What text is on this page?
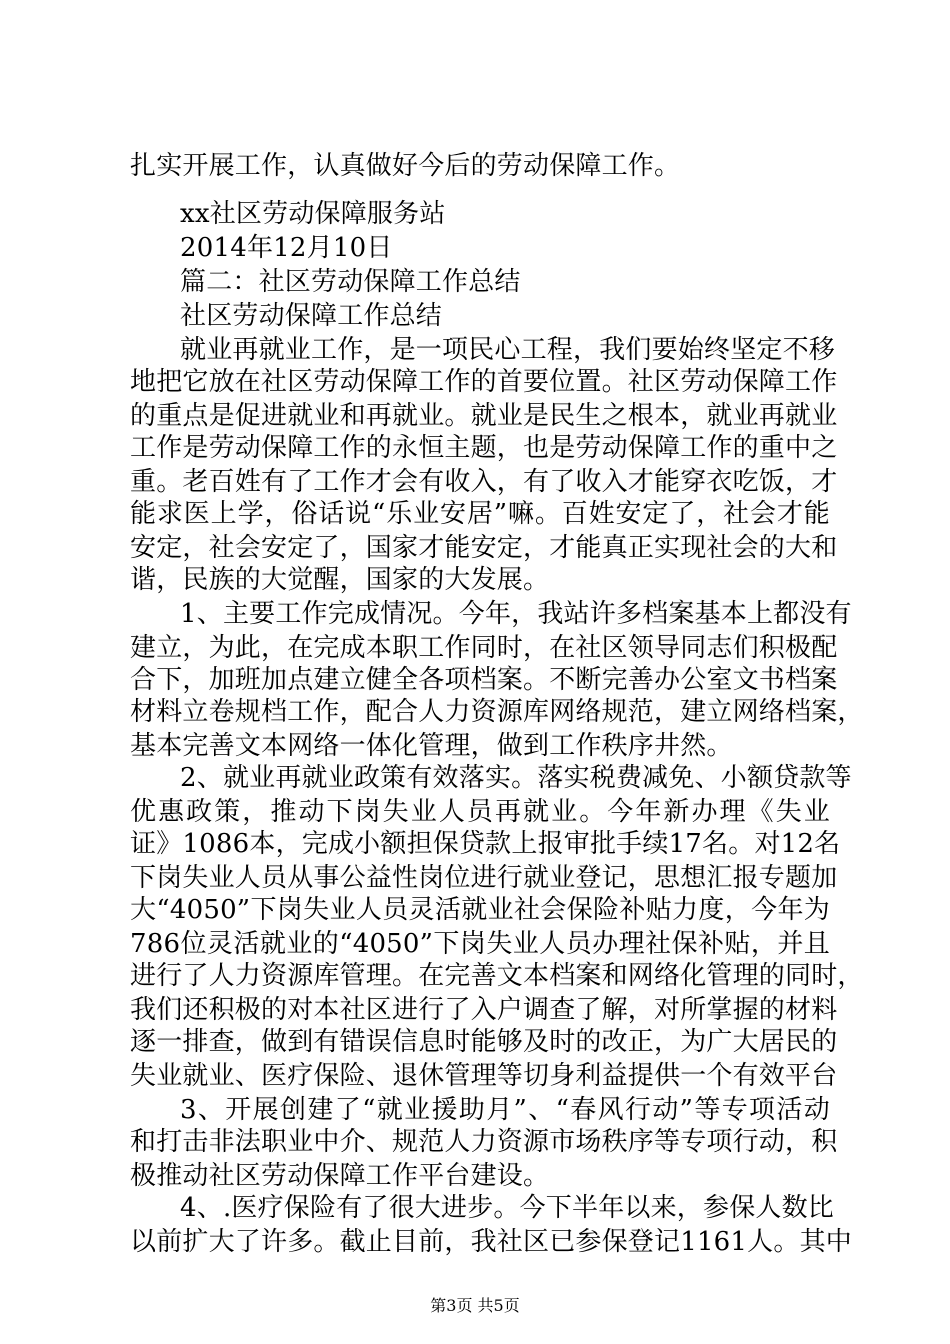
扎实开展工作，认真做好今后的劳动保障工作。
xx社区劳动保障服务站
2014年12月10日
篇二：社区劳动保障工作总结
社区劳动保障工作总结
就业再就业工作，是一项民心工程，我们要始终坚定不移
地把它放在社区劳动保障工作的首要位置。社区劳动保障工作
的重点是促进就业和再就业。就业是民生之根本，就业再就业
工作是劳动保障工作的永恒主题，也是劳动保障工作的重中之
重。老百姓有了工作才会有收入，有了收入才能穿衣吃饭，才
能求医上学，俗话说“乐业安居”嘛。百姓安定了，社会才能
安定，社会安定了，国家才能安定，才能真正实现社会的大和
谐，民族的大觉醒，国家的大发展。
1、主要工作完成情况。今年，我站许多档案基本上都没有
建立，为此，在完成本职工作同时，在社区领导同志们积极配
合下，加班加点建立健全各项档案。不断完善办公室文书档案
材料立卷规档工作，配合人力资源库网络规范，建立网络档案，
基本完善文本网络一体化管理，做到工作秩序井然。
2、就业再就业政策有效落实。落实税费减免、小额贷款等
优惠政策，推动下岗失业人员再就业。今年新办理《失业
证》1086本，完成小额担保贷款上报审批手续17名。对12名
下岗失业人员从事公益性岗位进行就业登记，思想汇报专题加
大“4050”下岗失业人员灵活就业社会保险补贴力度，今年为
786位灵活就业的“4050”下岗失业人员办理社保补贴，并且
进行了人力资源库管理。在完善文本档案和网络化管理的同时，
我们还积极的对本社区进行了入户调查了解，对所掌握的材料
逐一排查，做到有错误信息时能够及时的改正，为广大居民的
失业就业、医疗保险、退休管理等切身利益提供一个有效平台
3、开展创建了“就业援助月”、“春风行动”等专项活动
和打击非法职业中介、规范人力资源市场秩序等专项行动，积
极推动社区劳动保障工作平台建设。
4、.医疗保险有了很大进步。今下半年以来，参保人数比
以前扩大了许多。截止目前，我社区已参保登记1161人。其中
第3页 共5页
